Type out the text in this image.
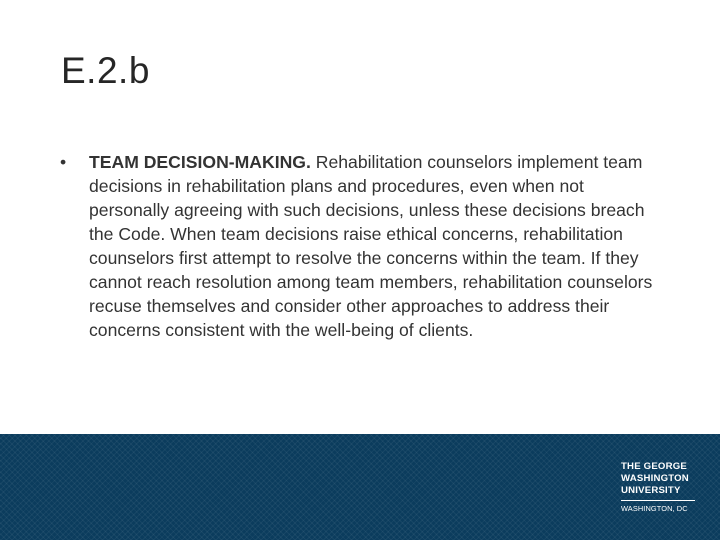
E.2.b
• TEAM DECISION-MAKING. Rehabilitation counselors implement team decisions in rehabilitation plans and procedures, even when not personally agreeing with such decisions, unless these decisions breach the Code. When team decisions raise ethical concerns, rehabilitation counselors first attempt to resolve the concerns within the team. If they cannot reach resolution among team members, rehabilitation counselors recuse themselves and consider other approaches to address their concerns consistent with the well-being of clients.
THE GEORGE
WASHINGTON
UNIVERSITY
WASHINGTON, DC
